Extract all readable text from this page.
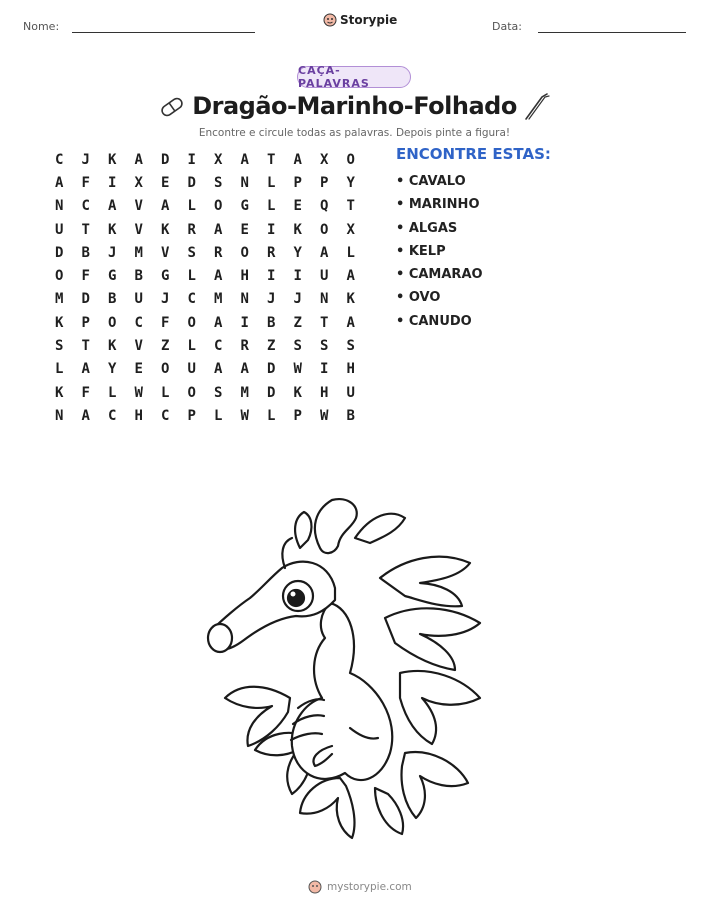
Nome:	Storypie	Data:
CAÇA-PALAVRAS
Dragão-Marinho-Folhado
Encontre e circule todas as palavras. Depois pinte a figura!
C	J	K	A	D	I	X	A	T	A	X	O
A	F	I	X	E	D	S	N	L	P	P	Y
N	C	A	V	A	L	O	G	L	E	Q	T
U	T	K	V	K	R	A	E	I	K	O	X
D	B	J	M	V	S	R	O	R	Y	A	L
O	F	G	B	G	L	A	H	I	I	U	A
M	D	B	U	J	C	M	N	J	J	N	K
K	P	O	C	F	O	A	I	B	Z	T	A
S	T	K	V	Z	L	C	R	Z	S	S	S
L	A	Y	E	O	U	A	A	D	W	I	H
K	F	L	W	L	O	S	M	D	K	H	U
N	A	C	H	C	P	L	W	L	P	W	B
ENCONTRE ESTAS:
• CAVALO
• MARINHO
• ALGAS
• KELP
• CAMARAO
• OVO
• CANUDO
mystorypie.com
